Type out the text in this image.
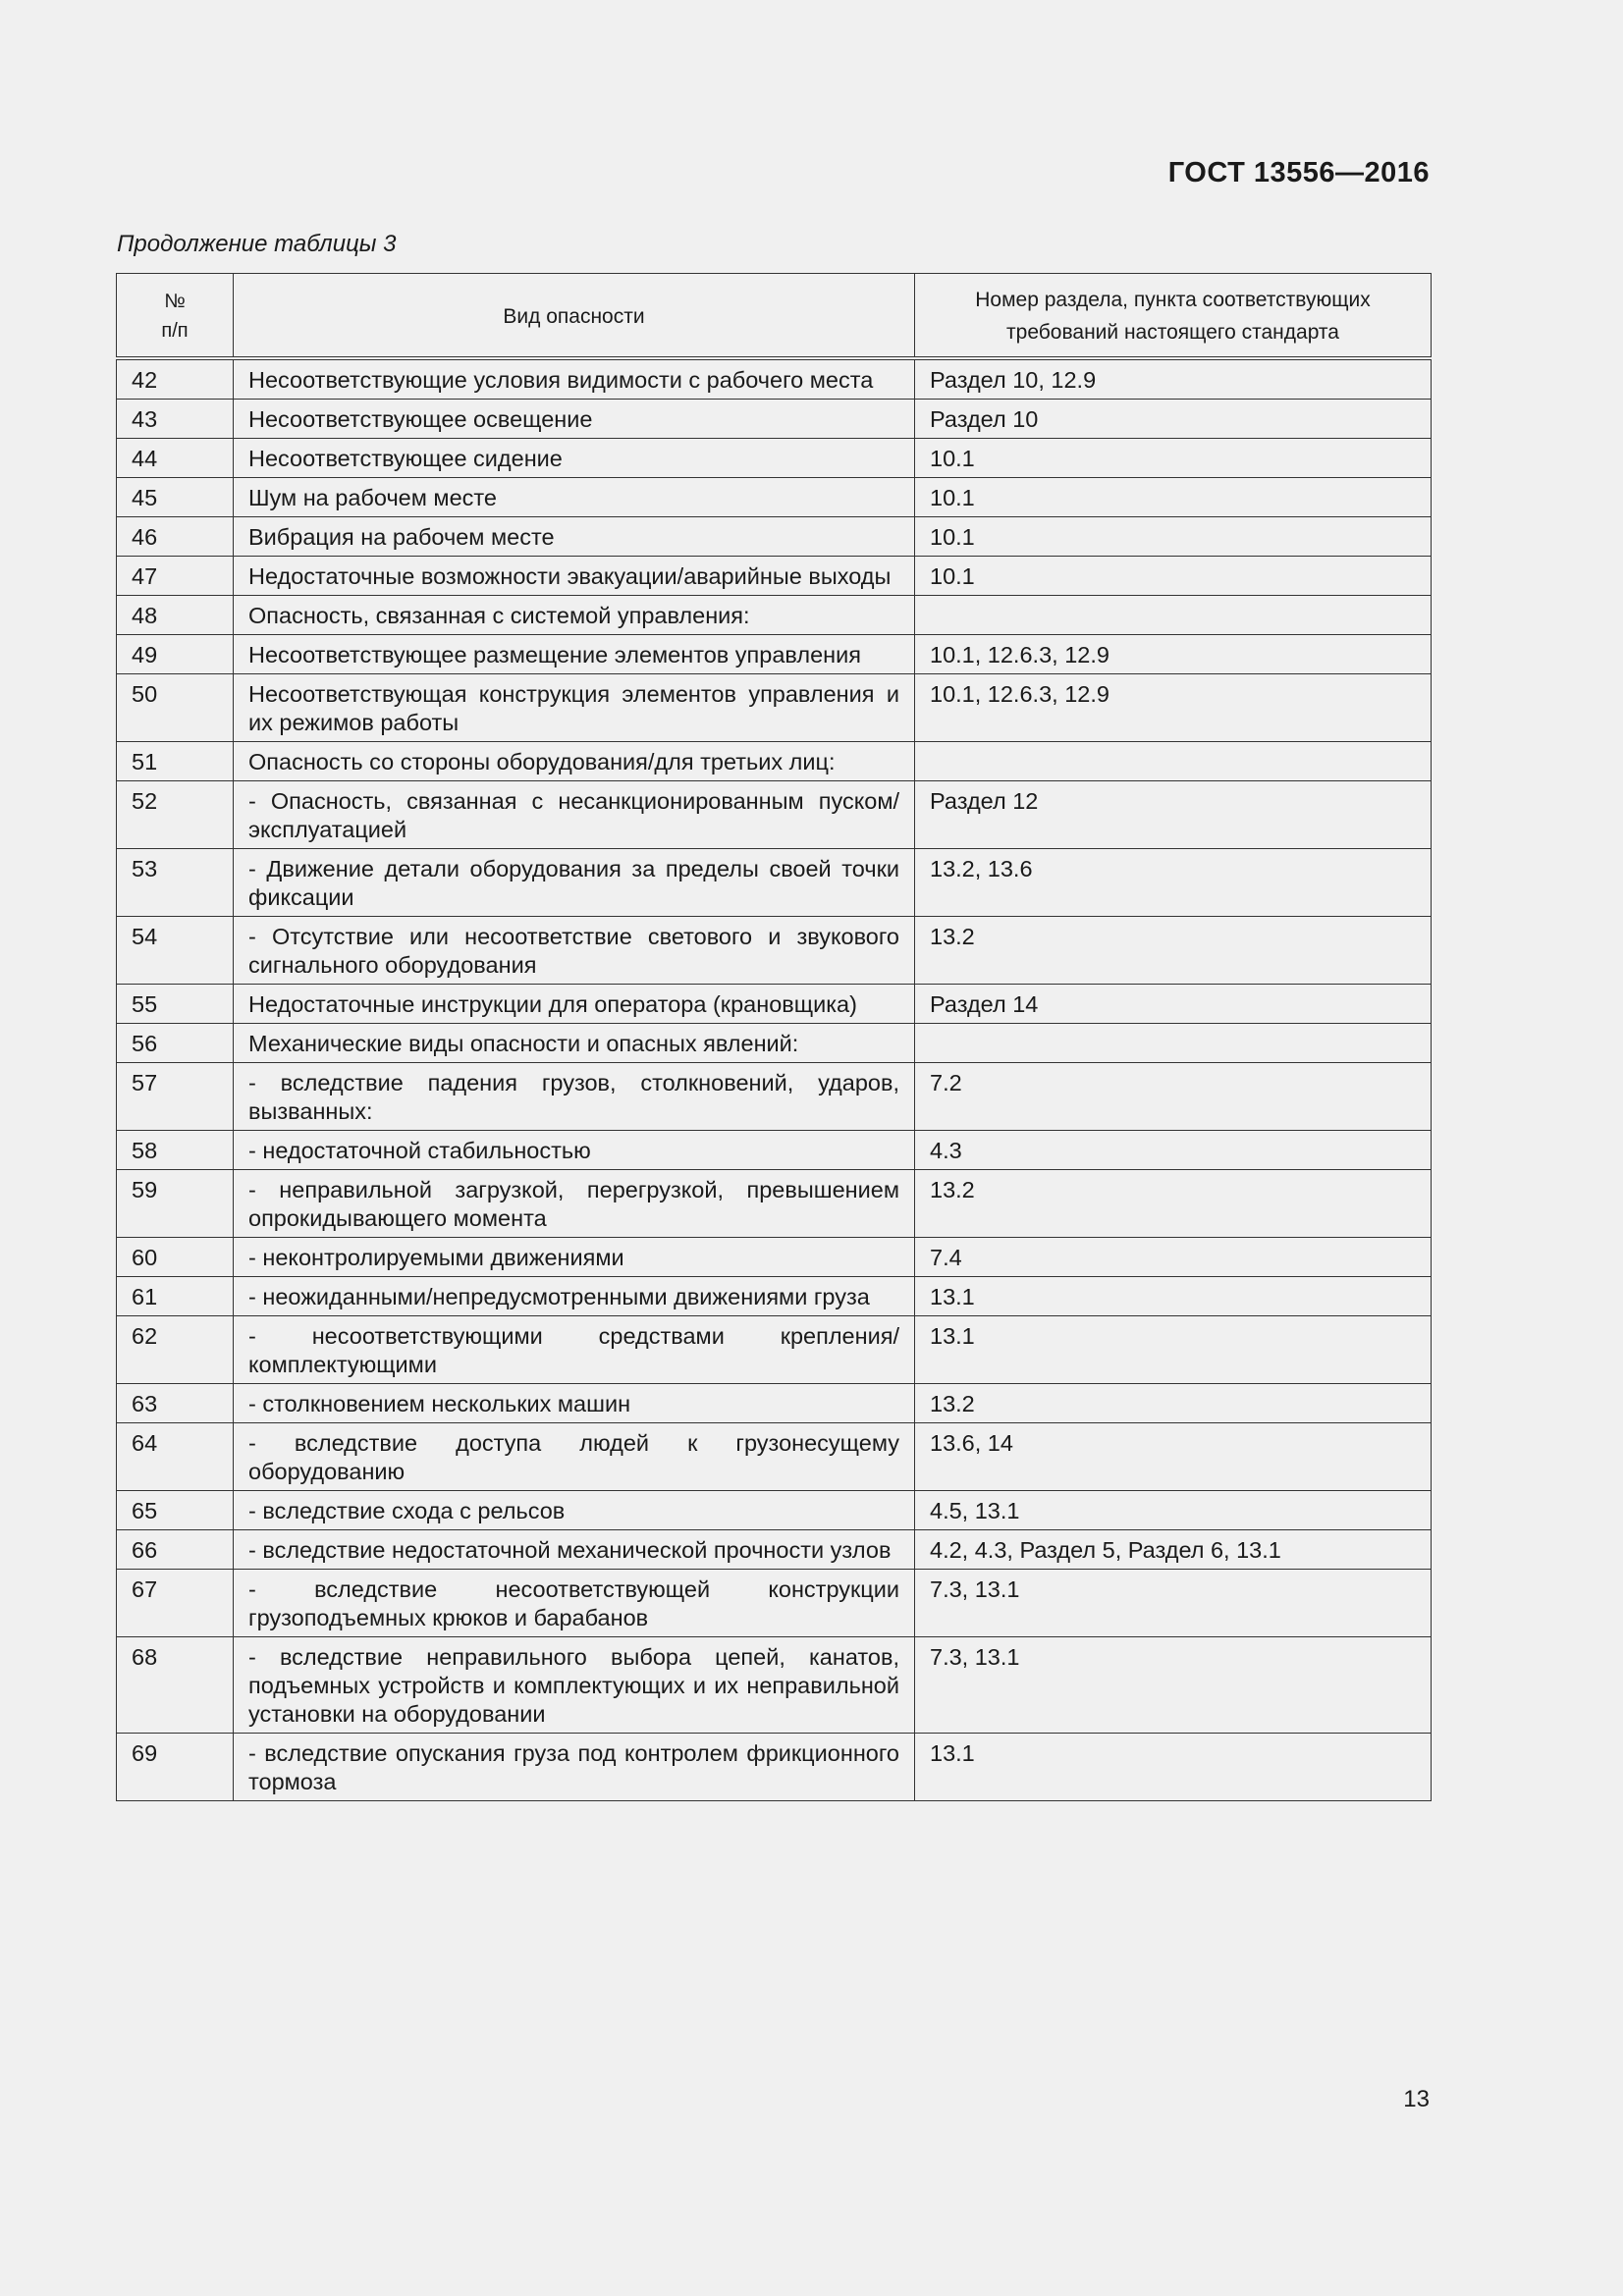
ГОСТ 13556—2016
Продолжение таблицы 3
№
п/п	Вид опасности	Номер раздела, пункта соответствующих требований настоящего стандарта
42	Несоответствующие условия видимости с рабочего места	Раздел 10, 12.9
43	Несоответствующее освещение	Раздел 10
44	Несоответствующее сидение	10.1
45	Шум на рабочем месте	10.1
46	Вибрация на рабочем месте	10.1
47	Недостаточные возможности эвакуации/аварийные выходы	10.1
48	Опасность, связанная с системой управления:	
49	Несоответствующее размещение элементов управления	10.1, 12.6.3, 12.9
50	Несоответствующая конструкция элементов управления и их режимов работы	10.1, 12.6.3, 12.9
51	Опасность со стороны оборудования/для третьих лиц:	
52	- Опасность, связанная с несанкционированным пуском/эксплуатацией	Раздел 12
53	- Движение детали оборудования за пределы своей точки фиксации	13.2, 13.6
54	- Отсутствие или несоответствие светового и звукового сигнального оборудования	13.2
55	Недостаточные инструкции для оператора (крановщика)	Раздел 14
56	Механические виды опасности и опасных явлений:	
57	- вследствие падения грузов, столкновений, ударов, вызванных:	7.2
58	- недостаточной стабильностью	4.3
59	- неправильной загрузкой, перегрузкой, превышением опрокидывающего момента	13.2
60	- неконтролируемыми движениями	7.4
61	- неожиданными/непредусмотренными движениями груза	13.1
62	- несоответствующими средствами крепления/комплектующими	13.1
63	- столкновением нескольких машин	13.2
64	- вследствие доступа людей к грузонесущему оборудованию	13.6, 14
65	- вследствие схода с рельсов	4.5, 13.1
66	- вследствие недостаточной механической прочности узлов	4.2, 4.3, Раздел 5, Раздел 6, 13.1
67	- вследствие несоответствующей конструкции грузоподъемных крюков и барабанов	7.3, 13.1
68	- вследствие неправильного выбора цепей, канатов, подъемных устройств и комплектующих и их неправильной установки на оборудовании	7.3, 13.1
69	- вследствие опускания груза под контролем фрикционного тормоза	13.1
13
